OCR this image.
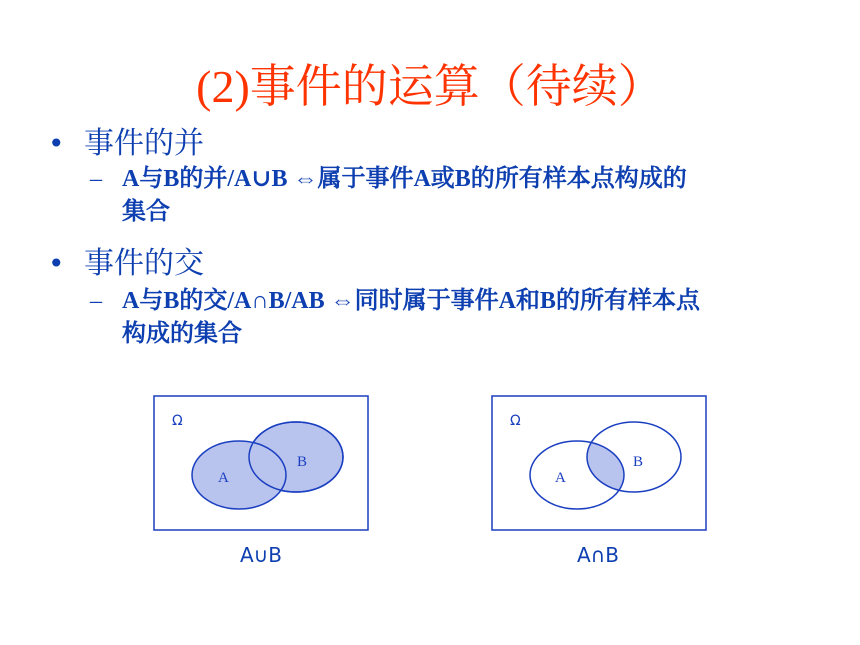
(2)事件的运算（待续）
• 事件的并
– A与B的并/A∪B ⇔属于事件A或B的所有样本点构成的
集合
• 事件的交
– A与B的交/A∩B/AB ⇔同时属于事件A和B的所有样本点
构成的集合
Ω
A
B
A∪B
Ω
A
B
A∩B
